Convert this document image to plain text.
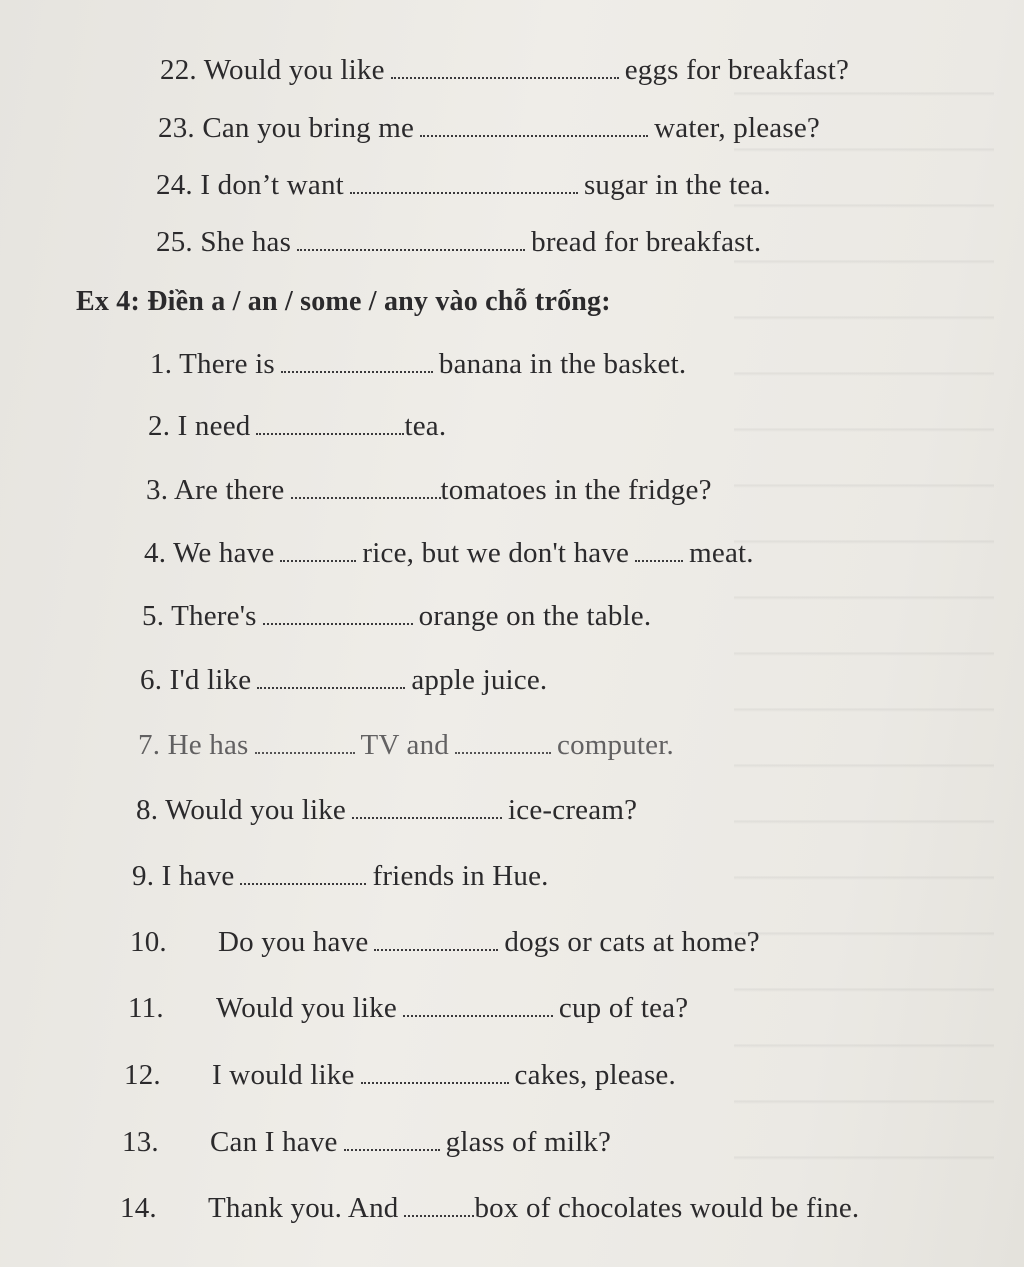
22. Would you like	eggs for breakfast?
23. Can you bring me	water, please?
24. I don’t want	sugar in the tea.
25. She has	bread for breakfast.
Ex 4: Điền a / an / some / any vào chỗ trống:
1. There is	banana in the basket.
2. I need	tea.
3. Are there	tomatoes in the fridge?
4. We have	rice, but we don't have meat.
5. There's	orange on the table.
6. I'd like	apple juice.
7. He has	TV and	computer.
8. Would you like	ice-cream?
9. I have	friends in Hue.
10. Do you have	dogs or cats at home?
11. Would you like	cup of tea?
12. I would like	cakes, please.
13. Can I have	glass of milk?
14. Thank you. And	box of chocolates would be fine.
